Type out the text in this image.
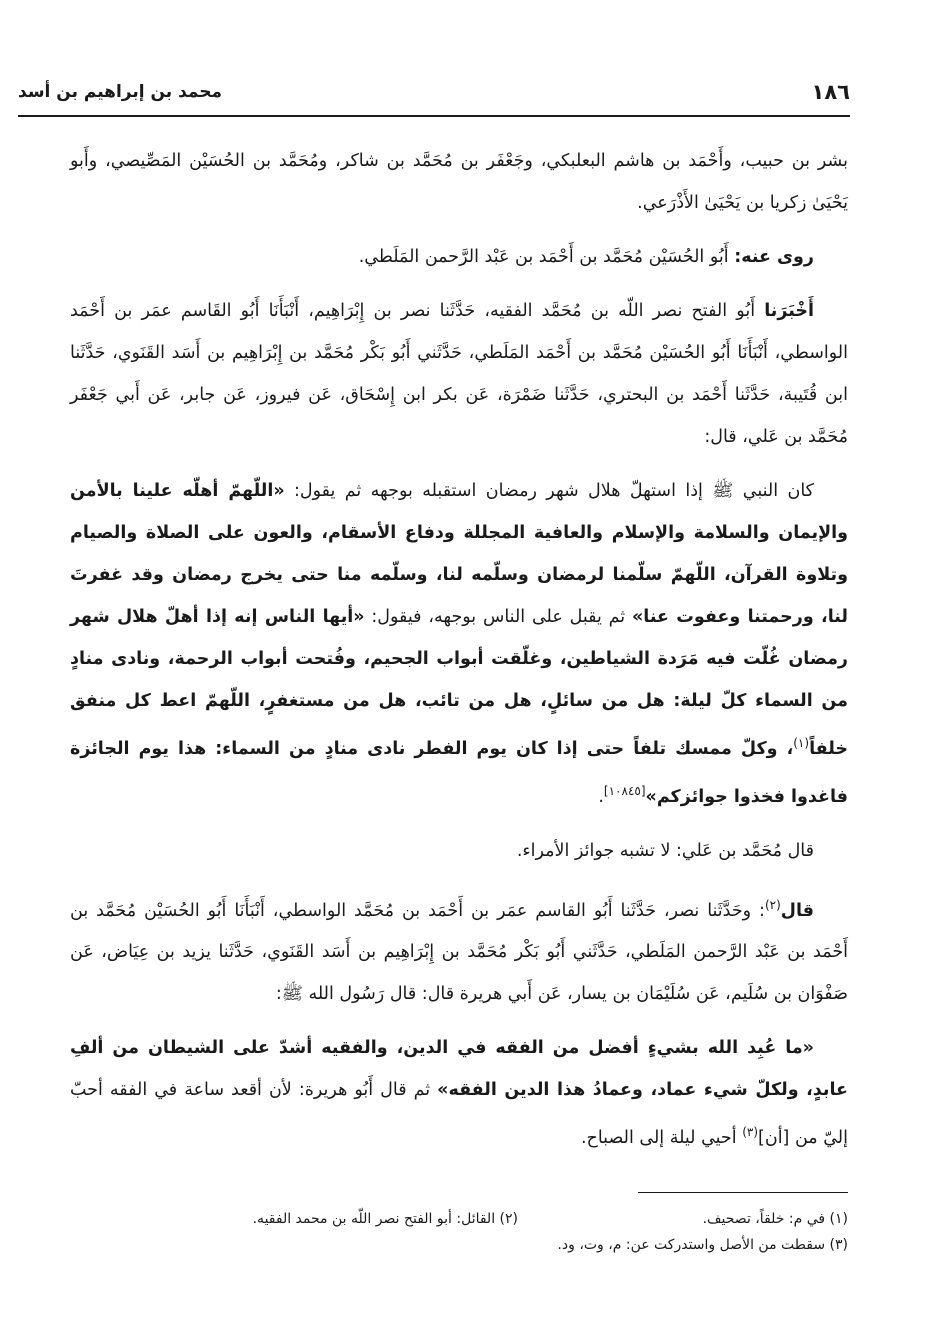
١٨٦
محمد بن إبراهيم بن أسد

بشر بن حبيب، وأَحْمَد بن هاشم البعلبكي، وجَعْفَر بن مُحَمَّد بن شاكر، ومُحَمَّد بن الحُسَيْن المَصِّيصي، وأَبو يَحْيَىٰ زكريا بن يَحْيَىٰ الأَذْرَعي.

روى عنه: أَبُو الحُسَيْن مُحَمَّد بن أَحْمَد بن عَبْد الرَّحمن المَلَطي.

أَخْبَرَنا أَبُو الفتح نصر اللّه بن مُحَمَّد الفقيه، حَدَّثَنا نصر بن إِبْرَاهِيم، أَنْبَأَنَا أَبُو القَاسم عمَر بن أَحْمَد الواسطي، أَنْبَأَنَا أَبُو الحُسَيْن مُحَمَّد بن أَحْمَد المَلَطي، حَدَّثَني أَبُو بَكْر مُحَمَّد بن إِبْرَاهِيم بن أَسَد القَنَوي، حَدَّثَنا ابن قُتَيبة، حَدَّثَنا أَحْمَد بن البحتري، حَدَّثَنا ضَمْرَة، عَن بكر ابن إِسْحَاق، عَن فيروز، عَن جابر، عَن أَبي جَعْفَر مُحَمَّد بن عَلي، قال:

كان النبي ﷺ إذا استهلّ هلال شهر رمضان استقبله بوجهه ثم يقول: «اللّهمّ أهلّه علينا بالأمن والإيمان والسلامة والإسلام والعافية المجللة ودفاع الأسقام، والعون على الصلاة والصيام وتلاوة القرآن، اللّهمّ سلّمنا لرمضان وسلّمه لنا، وسلّمه منا حتى يخرج رمضان وقد غفرتَ لنا، ورحمتنا وعفوت عنا» ثم يقبل على الناس بوجهه، فيقول: «أيها الناس إنه إذا أهلّ هلال شهر رمضان غُلّت فيه مَرَدة الشياطين، وغلّقت أبواب الجحيم، وفُتحت أبواب الرحمة، ونادى منادٍ من السماء كلّ ليلة: هل من سائلٍ، هل من تائب، هل من مستغفرٍ، اللّهمّ اعط كل منفق خلفاً$^{(١)}$، وكلّ ممسك تلفاً حتى إذا كان يوم الفطر نادى منادٍ من السماء: هذا يوم الجائزة فاغدوا فخذوا جوائزكم»[١٠٨٤٥].

قال مُحَمَّد بن عَلي: لا تشبه جوائز الأمراء.

قال$^{(٢)}$: وحَدَّثَنا نصر، حَدَّثَنا أَبُو القاسم عمَر بن أَحْمَد بن مُحَمَّد الواسطي، أَنْبَأَنَا أَبُو الحُسَيْن مُحَمَّد بن أَحْمَد بن عَبْد الرَّحمن المَلَطي، حَدَّثَني أَبُو بَكْر مُحَمَّد بن إِبْرَاهِيم بن أَسَد القَنَوي، حَدَّثَنا يزيد بن عِيَاض، عَن صَفْوَان بن سُلَيم، عَن سُلَيْمَان بن يسار، عَن أَبي هريرة قال: قال رَسُول الله ﷺ:

«ما عُبِد الله بشيءٍ أفضل من الفقه في الدين، والفقيه أشدّ على الشيطان من ألفِ عابدٍ، ولكلّ شيء عماد، وعمادُ هذا الدين الفقه» ثم قال أَبُو هريرة: لأن أقعد ساعة في الفقه أحبّ إليّ من [أن]$^{(٣)}$ أحيي ليلة إلى الصباح.

(١) في م: خلقاً، تصحيف.
(٢) القائل: أبو الفتح نصر اللّه بن محمد الفقيه.
(٣) سقطت من الأصل واستدركت عن: م، وت، ود.
